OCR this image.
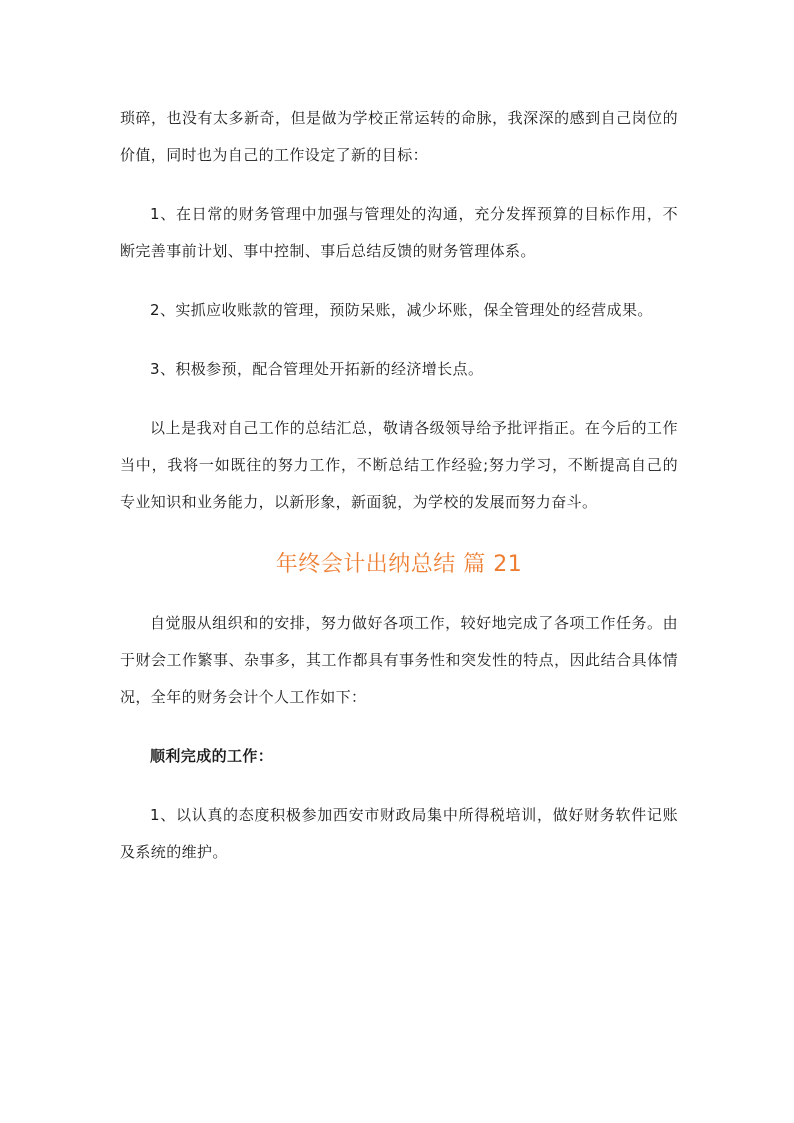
琐碎，也没有太多新奇，但是做为学校正常运转的命脉，我深深的感到自己岗位的价值，同时也为自己的工作设定了新的目标：

1、在日常的财务管理中加强与管理处的沟通，充分发挥预算的目标作用，不断完善事前计划、事中控制、事后总结反馈的财务管理体系。

2、实抓应收账款的管理，预防呆账，减少坏账，保全管理处的经营成果。

3、积极参预，配合管理处开拓新的经济增长点。

以上是我对自己工作的总结汇总，敬请各级领导给予批评指正。在今后的工作当中，我将一如既往的努力工作，不断总结工作经验;努力学习，不断提高自己的专业知识和业务能力，以新形象，新面貌，为学校的发展而努力奋斗。

年终会计出纳总结 篇 21

自觉服从组织和的安排，努力做好各项工作，较好地完成了各项工作任务。由于财会工作繁事、杂事多，其工作都具有事务性和突发性的特点，因此结合具体情况，全年的财务会计个人工作如下：

顺利完成的工作：

1、以认真的态度积极参加西安市财政局集中所得税培训，做好财务软件记账及系统的维护。
